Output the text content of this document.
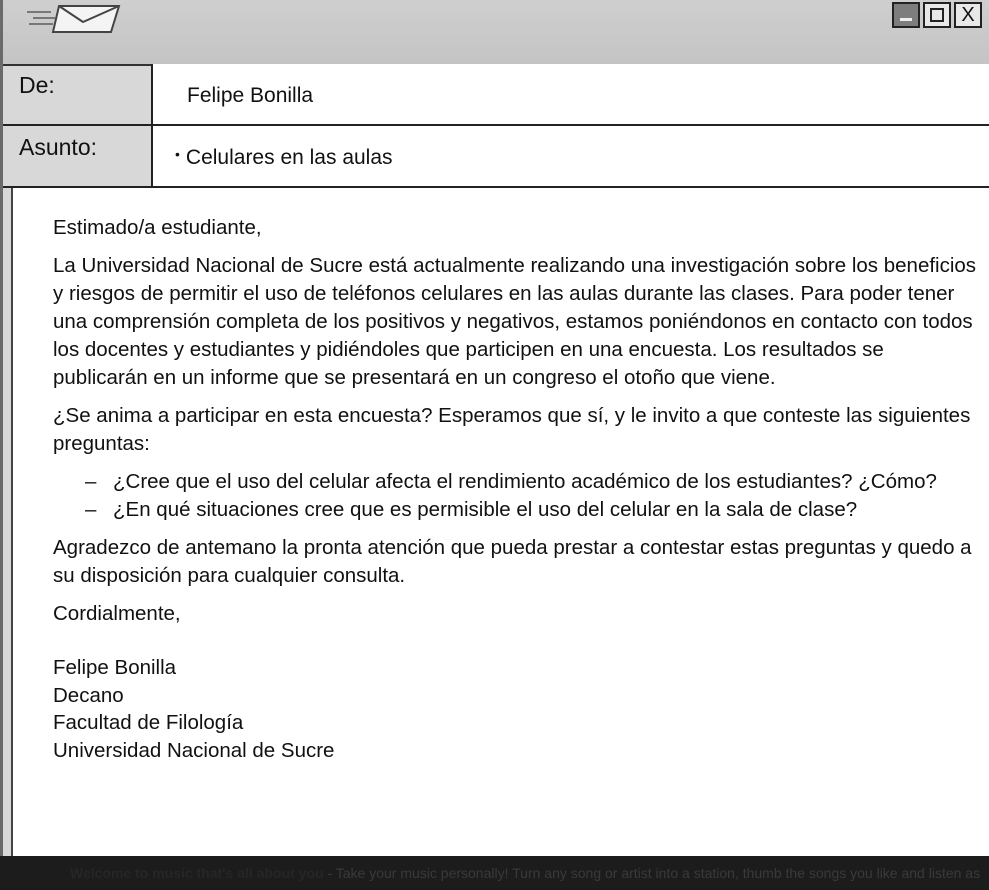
X
De:	Felipe Bonilla
Asunto:	• Celulares en las aulas

Estimado/a estudiante,

La Universidad Nacional de Sucre está actualmente realizando una investigación sobre los beneficios y riesgos de permitir el uso de teléfonos celulares en las aulas durante las clases. Para poder tener una comprensión completa de los positivos y negativos, estamos poniéndonos en contacto con todos los docentes y estudiantes y pidiéndoles que participen en una encuesta. Los resultados se publicarán en un informe que se presentará en un congreso el otoño que viene.

¿Se anima a participar en esta encuesta? Esperamos que sí, y le invito a que conteste las siguientes preguntas:

– ¿Cree que el uso del celular afecta el rendimiento académico de los estudiantes? ¿Cómo?
– ¿En qué situaciones cree que es permisible el uso del celular en la sala de clase?

Agradezco de antemano la pronta atención que pueda prestar a contestar estas preguntas y quedo a su disposición para cualquier consulta.

Cordialmente,

Felipe Bonilla
Decano
Facultad de Filología
Universidad Nacional de Sucre
Welcome to music that's all about you - Take your music personally! Turn any song or artist into a station, thumb the songs you like and listen as
